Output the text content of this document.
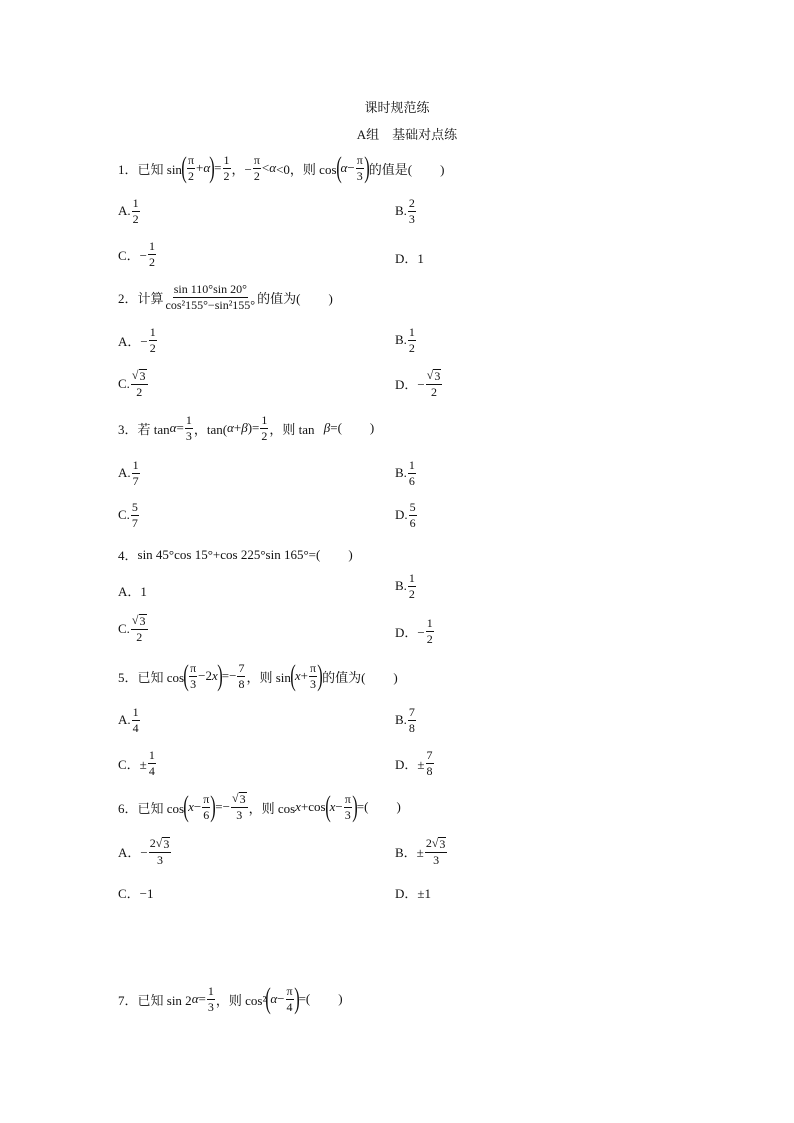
课时规范练
A组　基础对点练
1． 已知 sin ( $\frac{\pi}{2} + \alpha$ ) = $\frac{1}{2}$ ，− $\frac{\pi}{2} < \alpha <0$，则 cos ( $\alpha - \frac{\pi}{3}$ ) 的值是( )
A. $\frac{1}{2}$	B. $\frac{2}{3}$
C．− $\frac{1}{2}$	D．1
2． 计算 $\frac{\sin 110^\circ\sin 20^\circ}{\text{cos²155°−sin²155°}}$ 的值为( )
A．− $\frac{1}{2}$	B. $\frac{1}{2}$
C. $\frac{√ 3}{2}$	D．− $\frac{√ 3}{2}$
3． 若 $\tan \alpha = \frac{1}{3}$ ，tan( α + β )= $\frac{1}{2}$ ，则 tan β =( )
A. $\frac{1}{7}$	B. $\frac{1}{6}$
C. $\frac{5}{7}$	D. $\frac{5}{6}$
4． sin 45°cos 15°+cos 225°sin 165°=( )
A．1	B. $\frac{1}{2}$
C. $\frac{√ 3}{2}$	D．− $\frac{1}{2}$
5． 已知 cos ( $\frac{\pi}{3} -2$ x ) =− $\frac{7}{8}$ ，则 sin ( $x + \frac{\pi}{3}$ ) 的值为( )
A. $\frac{1}{4}$	B. $\frac{7}{8}$
C．± $\frac{1}{4}$	D．± $\frac{7}{8}$
6． 已知 cos ( $x - \frac{\pi}{6}$ ) =− $\frac{√ 3}{3}$ ，则 cos x +cos ( $x - \frac{\pi}{3}$ ) =( )
A．− $\frac{2√ 3}{3}$	B．± $\frac{2√ 3}{3}$
C．−1	D．±1
7． 已知 sin 2 $\alpha = \frac{1}{3}$ ，则 cos² ( $\alpha - \frac{\pi}{4}$ ) =( )
